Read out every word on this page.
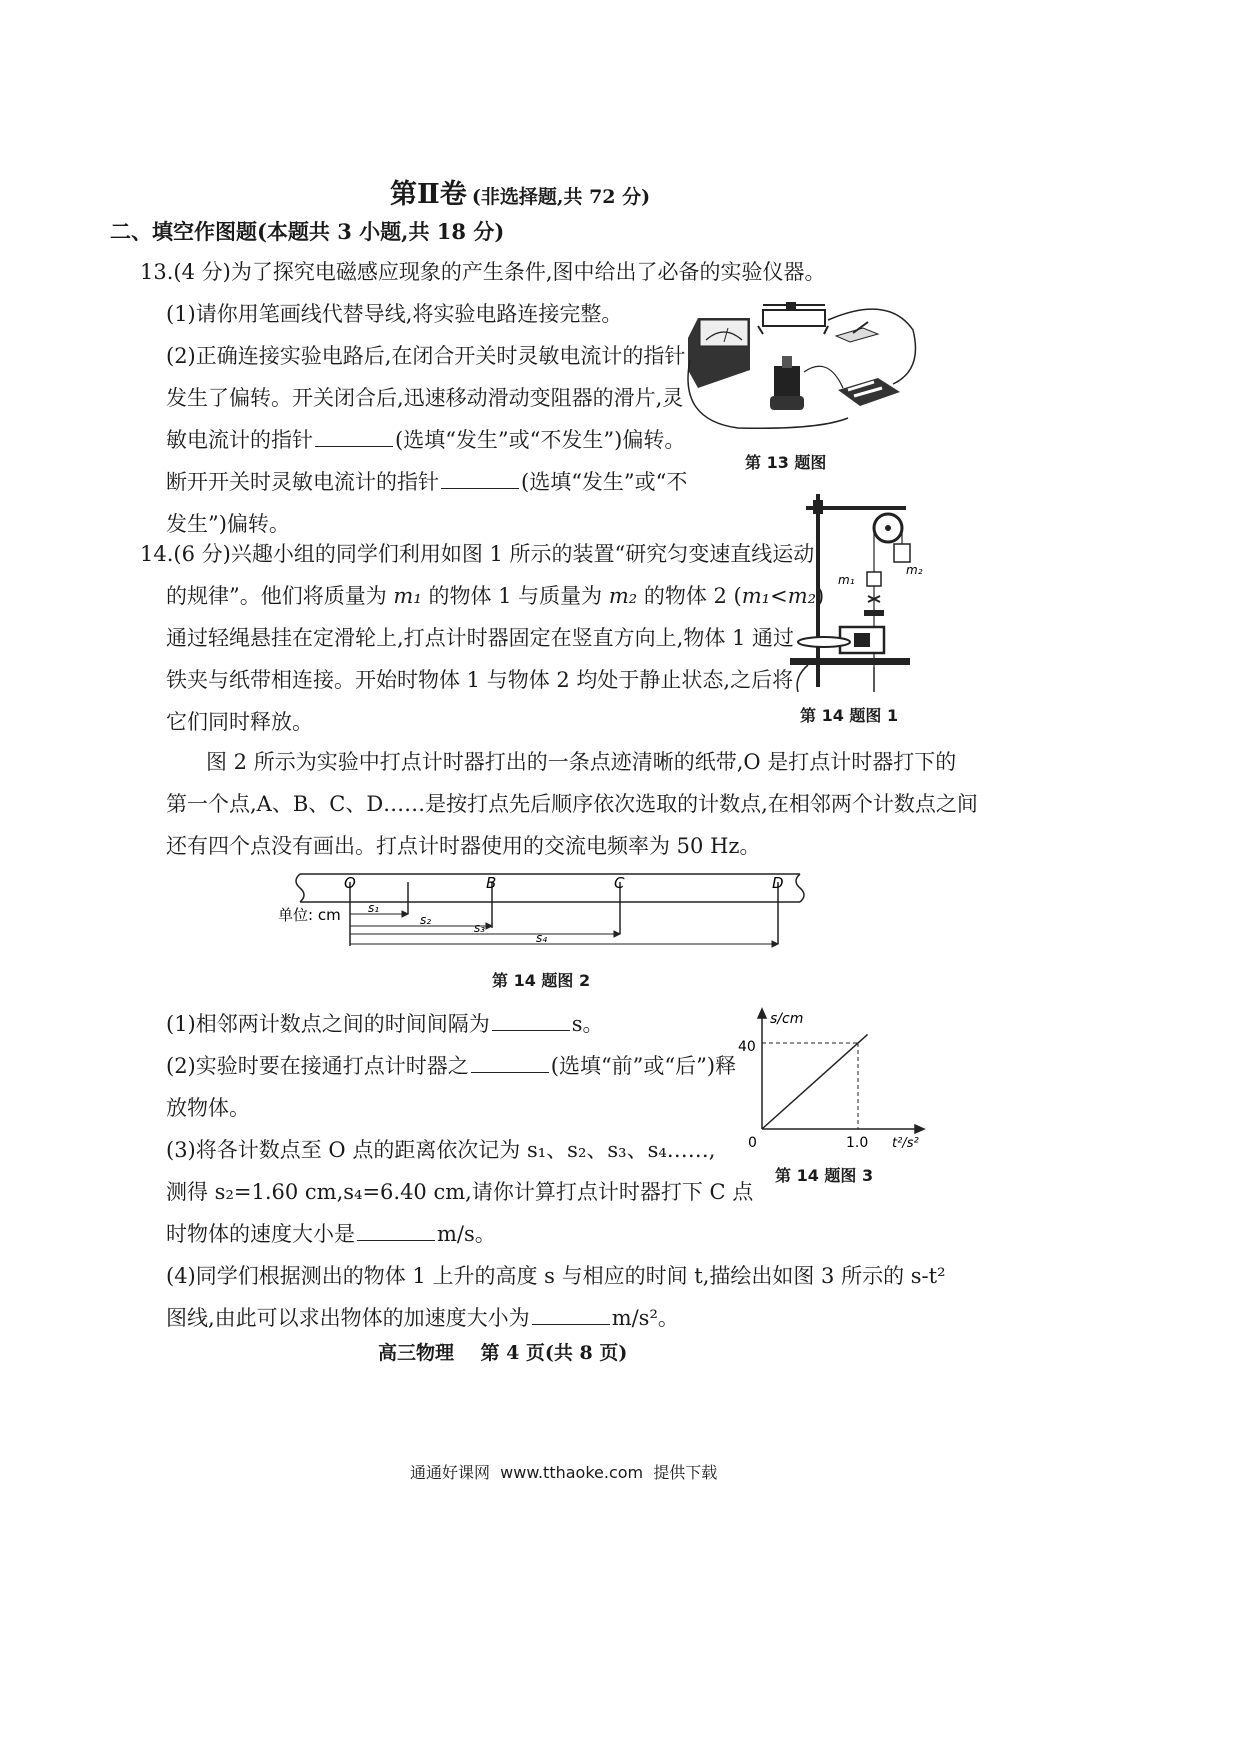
第Ⅱ卷 (非选择题,共 72 分)
二、填空作图题(本题共 3 小题,共 18 分)
13.(4 分)为了探究电磁感应现象的产生条件,图中给出了必备的实验仪器。
(1)请你用笔画线代替导线,将实验电路连接完整。
(2)正确连接实验电路后,在闭合开关时灵敏电流计的指针
发生了偏转。开关闭合后,迅速移动滑动变阻器的滑片,灵
敏电流计的指针	(选填“发生”或“不发生”)偏转。
断开开关时灵敏电流计的指针	(选填“发生”或“不
发生”)偏转。
第 13 题图
14.(6 分)兴趣小组的同学们利用如图 1 所示的装置“研究匀变速直线运动
的规律”。他们将质量为 m₁ 的物体 1 与质量为 m₂ 的物体 2 (m₁<m₂)
通过轻绳悬挂在定滑轮上,打点计时器固定在竖直方向上,物体 1 通过
铁夹与纸带相连接。开始时物体 1 与物体 2 均处于静止状态,之后将
它们同时释放。
m₁
m₂
第 14 题图 1
图 2 所示为实验中打点计时器打出的一条点迹清晰的纸带,O 是打点计时器打下的
第一个点,A、B、C、D……是按打点先后顺序依次选取的计数点,在相邻两个计数点之间
还有四个点没有画出。打点计时器使用的交流电频率为 50 Hz。
O	B	C	D
s₁
s₂
s₃
s₄
单位: cm
第 14 题图 2
(1)相邻两计数点之间的时间间隔为	s。
(2)实验时要在接通打点计时器之	(选填“前”或“后”)释
放物体。
(3)将各计数点至 O 点的距离依次记为 s₁、s₂、s₃、s₄……,
测得 s₂=1.60 cm,s₄=6.40 cm,请你计算打点计时器打下 C 点
时物体的速度大小是	m/s。
(4)同学们根据测出的物体 1 上升的高度 s 与相应的时间 t,描绘出如图 3 所示的 s-t²
图线,由此可以求出物体的加速度大小为	m/s²。
s/cm
40
0	1.0 t²/s²
第 14 题图 3
高三物理    第 4 页(共 8 页)
通通好课网  www.tthaoke.com  提供下载
